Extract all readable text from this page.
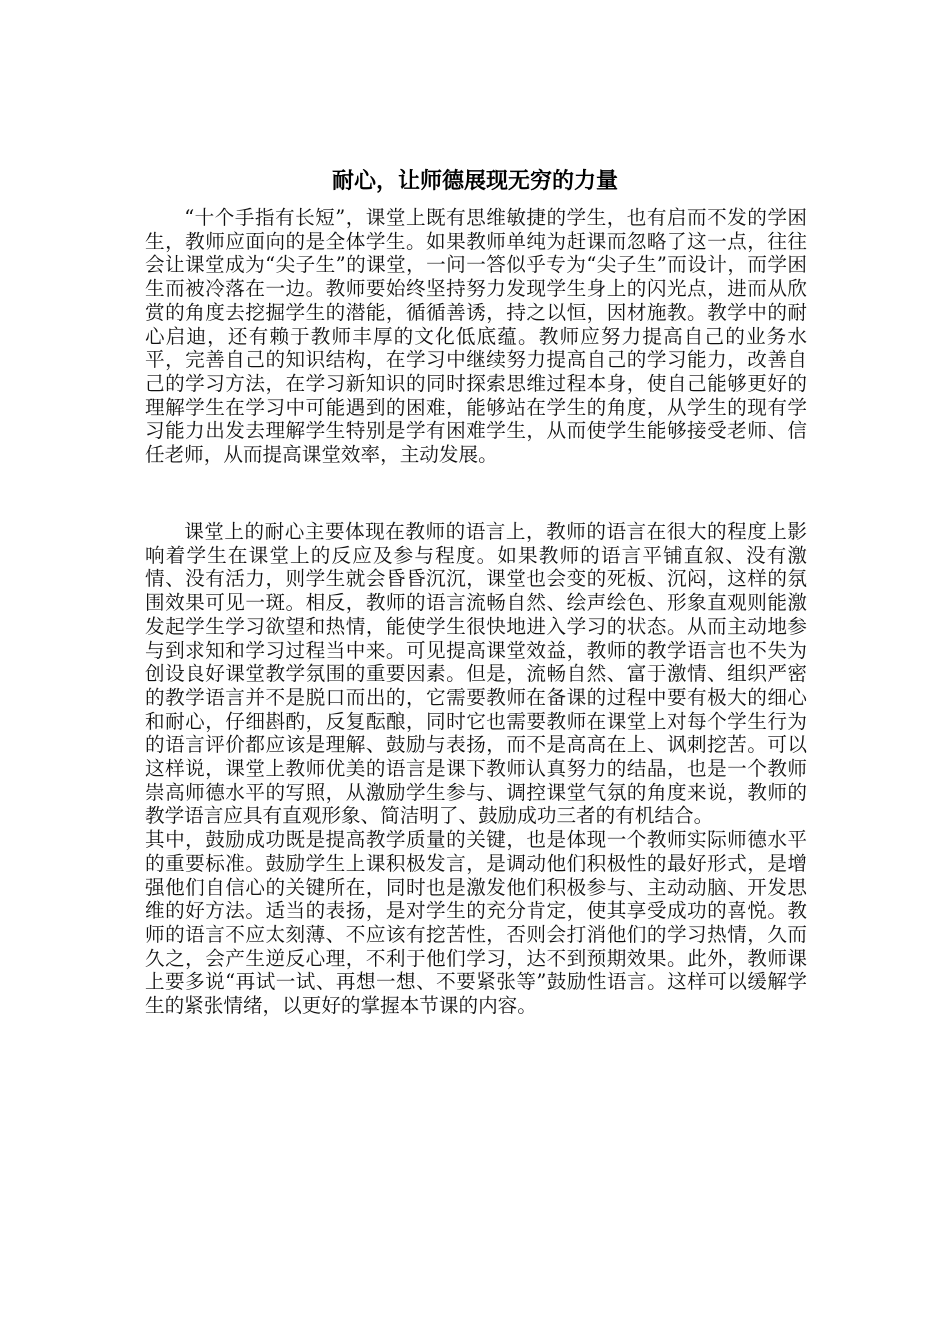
耐心，让师德展现无穷的力量

“十个手指有长短”，课堂上既有思维敏捷的学生，也有启而不发的学困生，教师应面向的是全体学生。如果教师单纯为赶课而忽略了这一点，往往会让课堂成为“尖子生”的课堂，一问一答似乎专为“尖子生”而设计，而学困生而被冷落在一边。教师要始终坚持努力发现学生身上的闪光点，进而从欣赏的角度去挖掘学生的潜能，循循善诱，持之以恒，因材施教。教学中的耐心启迪，还有赖于教师丰厚的文化低底蕴。教师应努力提高自己的业务水平，完善自己的知识结构，在学习中继续努力提高自己的学习能力，改善自己的学习方法，在学习新知识的同时探索思维过程本身，使自己能够更好的理解学生在学习中可能遇到的困难，能够站在学生的角度，从学生的现有学习能力出发去理解学生特别是学有困难学生，从而使学生能够接受老师、信任老师，从而提高课堂效率，主动发展。

课堂上的耐心主要体现在教师的语言上，教师的语言在很大的程度上影响着学生在课堂上的反应及参与程度。如果教师的语言平铺直叙、没有激情、没有活力，则学生就会昏昏沉沉，课堂也会变的死板、沉闷，这样的氛围效果可见一斑。相反，教师的语言流畅自然、绘声绘色、形象直观则能激发起学生学习欲望和热情，能使学生很快地进入学习的状态。从而主动地参与到求知和学习过程当中来。可见提高课堂效益，教师的教学语言也不失为创设良好课堂教学氛围的重要因素。但是，流畅自然、富于激情、组织严密的教学语言并不是脱口而出的，它需要教师在备课的过程中要有极大的细心和耐心，仔细斟酌，反复酝酿，同时它也需要教师在课堂上对每个学生行为的语言评价都应该是理解、鼓励与表扬，而不是高高在上、讽刺挖苦。可以这样说，课堂上教师优美的语言是课下教师认真努力的结晶，也是一个教师崇高师德水平的写照，从激励学生参与、调控课堂气氛的角度来说，教师的教学语言应具有直观形象、简洁明了、鼓励成功三者的有机结合。

其中，鼓励成功既是提高教学质量的关键，也是体现一个教师实际师德水平的重要标准。鼓励学生上课积极发言，是调动他们积极性的最好形式，是增强他们自信心的关键所在，同时也是激发他们积极参与、主动动脑、开发思维的好方法。适当的表扬，是对学生的充分肯定，使其享受成功的喜悦。教师的语言不应太刻薄、不应该有挖苦性，否则会打消他们的学习热情，久而久之，会产生逆反心理，不利于他们学习，达不到预期效果。此外，教师课上要多说“再试一试、再想一想、不要紧张等”鼓励性语言。这样可以缓解学生的紧张情绪，以更好的掌握本节课的内容。
